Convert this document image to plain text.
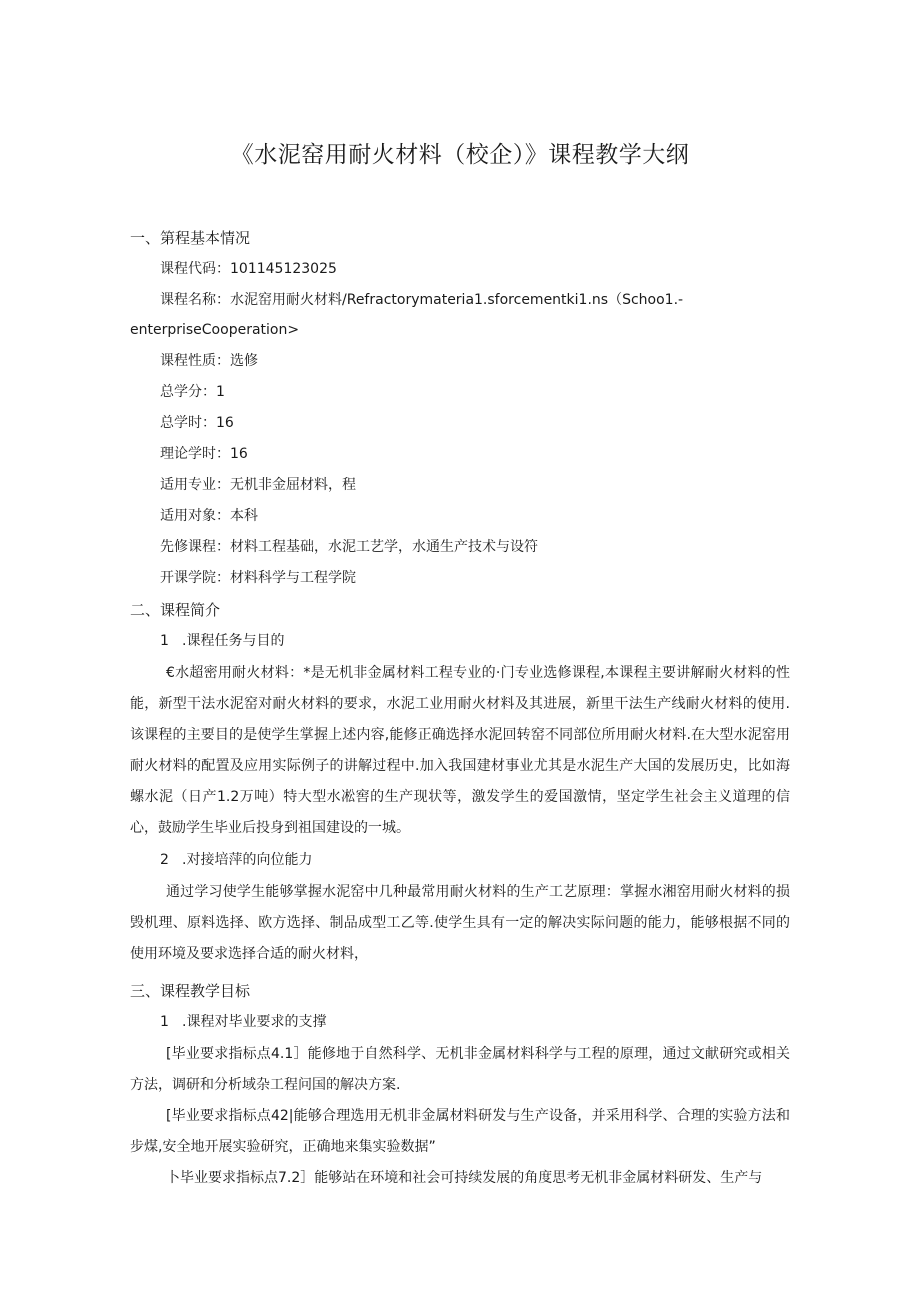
《水泥窑用耐火材料（校企）》课程教学大纲
一、第程基本情况
课程代码：101145123025
课程名称：水泥窑用耐火材料/Refractorymateria1.sforcementki1.ns（Schoo1.-
enterpriseCooperation>
课程性质：选修
总学分：1
总学时：16
理论学时：16
适用专业：无机非金屈材料，程
适用对象：本科
先修课程：材料工程基础，水泥工艺学，水通生产技术与设符
开课学院：材料科学与工程学院
二、课程简介
1 .课程任务与目的

€水超密用耐火材料：*是无机非金属材料工程专业的·门专业选修课程,本课程主要讲解耐火材料的性能，新型干法水泥窑对耐火材料的要求，水泥工业用耐火材料及其进展，新里干法生产线耐火材料的使用.该课程的主要目的是使学生掌握上述内容,能修正确选择水泥回转窑不同部位所用耐火材料.在大型水泥窑用耐火材料的配置及应用实际例子的讲解过程中.加入我国建材事业尤其是水泥生产大国的发展历史，比如海螺水泥（日产1.2万吨）特大型水凇窖的生产现状等，激发学生的爱国激情，坚定学生社会主义道理的信心，鼓励学生毕业后投身到祖国建设的一城。

2 .对接培萍的向位能力

通过学习使学生能够掌握水泥窑中几种最常用耐火材料的生产工艺原理：掌握水湘窑用耐火材料的损毁机理、原料选择、欧方选择、制品成型工乙等.使学生具有一定的解决实际问题的能力，能够根据不同的使用环境及要求选择合适的耐火材料，

三、课程教学目标
1 .课程对毕业要求的支撑

[毕业要求指标点4.1］能修地于自然科学、无机非金属材料科学与工程的原理，通过文献研究或相关方法，调研和分析域杂工程问国的解决方案.

[毕业要求指标点42|能够合理选用无机非金属材料研发与生产设备，并采用科学、合理的实验方法和步煤,安全地开展实验研究，正确地来集实验数据”

卜毕业要求指标点7.2］能够站在环境和社会可持续发展的角度思考无机非金属材料研发、生产与
